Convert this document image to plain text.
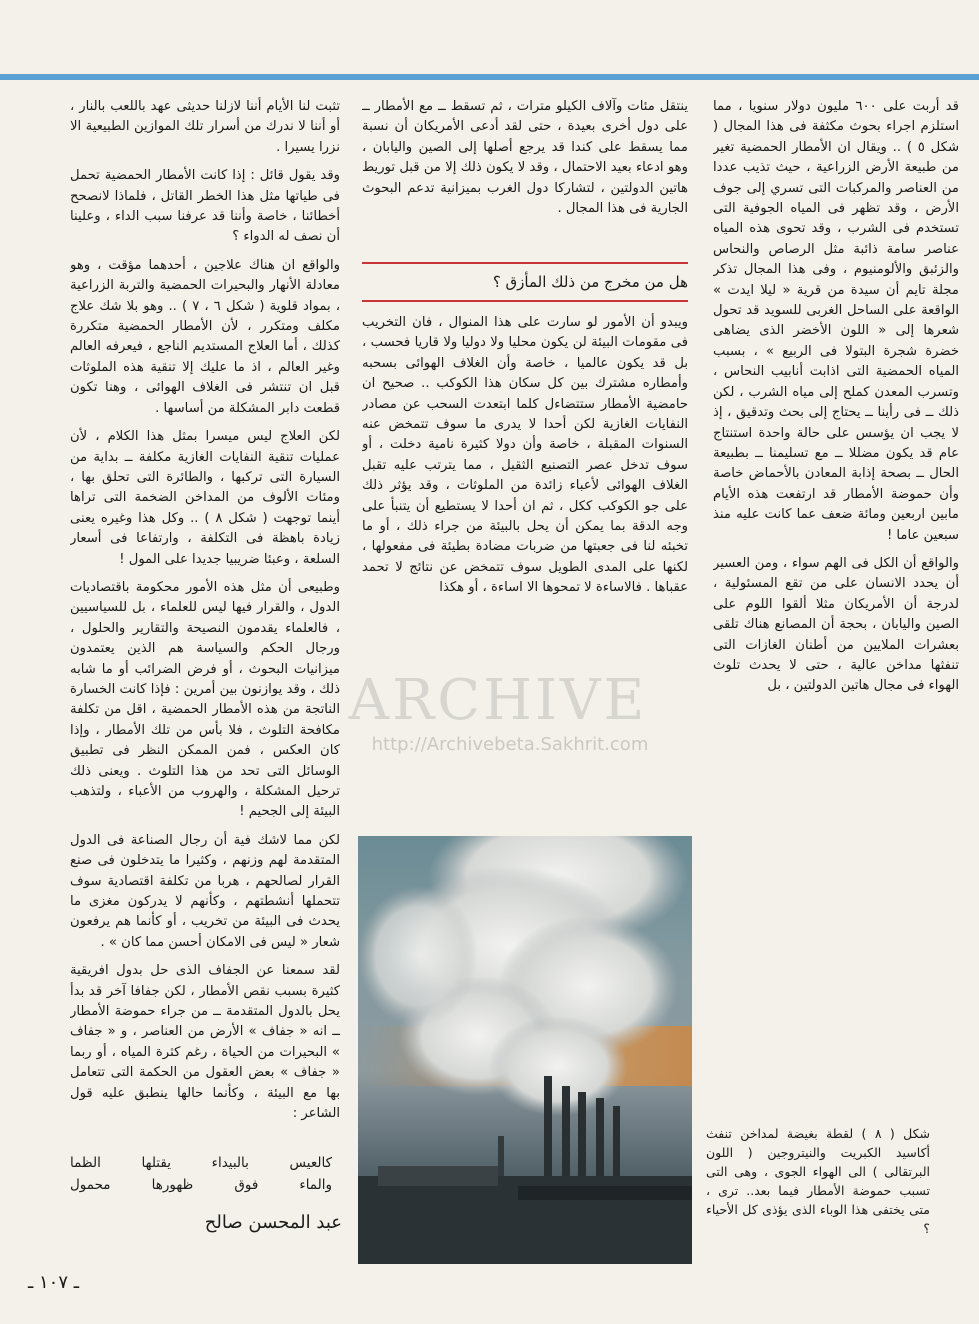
قد أربت على ٦٠٠ مليون دولار سنويا ، مما استلزم اجراء بحوث مكثفة فى هذا المجال ( شكل ٥ ) .. ويقال ان الأمطار الحمضية تغير من طبيعة الأرض الزراعية ، حيث تذيب عددا من العناصر والمركبات التى تسري إلى جوف الأرض ، وقد تظهر فى المياه الجوفية التى تستخدم فى الشرب ، وقد تحوى هذه المياه عناصر سامة ذائبة مثل الرصاص والنحاس والزئبق والألومنيوم ، وفى هذا المجال تذكر مجلة تايم أن سيدة من قرية « ليلا ايدت » الواقعة على الساحل الغربى للسويد قد تحول شعرها إلى « اللون الأخضر الذى يضاهى خضرة شجرة البتولا فى الربيع » ، بسبب المياه الحمضية التى اذابت أنابيب النحاس ، وتسرب المعدن كملح إلى مياه الشرب ، لكن ذلك ــ فى رأينا ــ يحتاج إلى بحث وتدقيق ، إذ لا يجب ان يؤسس على حالة واحدة استنتاج عام قد يكون مضللا ــ مع تسليمنا ــ بطبيعة الحال ــ بصحة إذابة المعادن بالأحماض خاصة وأن حموضة الأمطار قد ارتفعت هذه الأيام مابين اربعين ومائة ضعف عما كانت عليه منذ سبعين عاما !

والواقع أن الكل فى الهم سواء ، ومن العسير أن يحدد الانسان على من تقع المسئولية ، لدرجة أن الأمريكان مثلا ألقوا اللوم على الصين واليابان ، بحجة أن المصانع هناك تلقى بعشرات الملايين من أطنان الغازات التى تنفثها مداخن عالية ، حتى لا يحدث تلوث الهواء فى مجال هاتين الدولتين ، بل

ينتقل مئات وآلاف الكيلو مترات ، ثم تسقط ــ مع الأمطار ــ على دول أخرى بعيدة ، حتى لقد أدعى الأمريكان أن نسبة مما يسقط على كندا قد يرجع أصلها إلى الصين واليابان ، وهو ادعاء بعيد الاحتمال ، وقد لا يكون ذلك إلا من قبل توريط هاتين الدولتين ، لتشاركا دول الغرب بميزانية تدعم البحوث الجارية فى هذا المجال .

هل من مخرج من ذلك المأزق ؟

ويبدو أن الأمور لو سارت على هذا المنوال ، فان التخريب فى مقومات البيئة لن يكون محليا ولا دوليا ولا قاريا فحسب ، بل قد يكون عالميا ، خاصة وأن الغلاف الهوائى بسحبه وأمطاره مشترك بين كل سكان هذا الكوكب .. صحيح ان حامضية الأمطار ستتضاءل كلما ابتعدت السحب عن مصادر النفايات الغازية لكن أحدا لا يدرى ما سوف تتمخض عنه السنوات المقبلة ، خاصة وأن دولا كثيرة نامية دخلت ، أو سوف تدخل عصر التصنيع الثقيل ، مما يترتب عليه تقبل الغلاف الهوائى لأعباء زائدة من الملوثات ، وقد يؤثر ذلك على جو الكوكب ككل ، ثم ان أحدا لا يستطيع أن يتنبأ على وجه الدقة بما يمكن أن يحل بالبيئة من جراء ذلك ، أو ما تخبئه لنا فى جعبتها من ضربات مضادة بطيئة فى مفعولها ، لكنها على المدى الطويل سوف تتمخض عن نتائج لا تحمد عقباها . فالاساءة لا تمحوها الا اساءة ، أو هكذا

تثبت لنا الأيام أننا لازلنا حديثى عهد باللعب بالنار ، أو أننا لا ندرك من أسرار تلك الموازين الطبيعية الا نزرا يسيرا .

وقد يقول قائل : إذا كانت الأمطار الحمضية تحمل فى طياتها مثل هذا الخطر القاتل ، فلماذا لانصحح أخطائنا ، خاصة وأننا قد عرفنا سبب الداء ، وعلينا أن نصف له الدواء ؟

والواقع ان هناك علاجين ، أحدهما مؤقت ، وهو معادلة الأنهار والبحيرات الحمضية والتربة الزراعية ، بمواد قلوية ( شكل ٦ ، ٧ ) .. وهو بلا شك علاج مكلف ومتكرر ، لأن الأمطار الحمضية متكررة كذلك ، أما العلاج المستديم الناجع ، فيعرفه العالم وغير العالم ، اذ ما عليك إلا تنقية هذه الملوثات قبل ان تنتشر فى الغلاف الهوائى ، وهنا تكون قطعت دابر المشكلة من أساسها .

لكن العلاج ليس ميسرا بمثل هذا الكلام ، لأن عمليات تنقية النفايات الغازية مكلفة ــ بداية من السيارة التى تركبها ، والطائرة التى تحلق بها ، ومئات الألوف من المداخن الضخمة التى تراها أينما توجهت ( شكل ٨ ) .. وكل هذا وغيره يعنى زيادة باهظة فى التكلفة ، وارتفاعا فى أسعار السلعة ، وعبئا ضريبيا جديدا على المول !

وطبيعى أن مثل هذه الأمور محكومة باقتصاديات الدول ، والقرار فيها ليس للعلماء ، بل للسياسيين ، فالعلماء يقدمون النصيحة والتقارير والحلول ، ورجال الحكم والسياسة هم الذين يعتمدون ميزانيات البحوث ، أو فرض الضرائب أو ما شابه ذلك ، وقد يوازنون بين أمرين : فإذا كانت الخسارة الناتجة من هذه الأمطار الحمضية ، اقل من تكلفة مكافحة التلوث ، فلا بأس من تلك الأمطار ، وإذا كان العكس ، فمن الممكن النظر فى تطبيق الوسائل التى تحد من هذا التلوث . ويعنى ذلك ترحيل المشكلة ، والهروب من الأعباء ، ولتذهب البيئة إلى الجحيم !

لكن مما لاشك فية أن رجال الصناعة فى الدول المتقدمة لهم وزنهم ، وكثيرا ما يتدخلون فى صنع القرار لصالحهم ، هربا من تكلفة اقتصادية سوف تتحملها أنشطتهم ، وكأنهم لا يدركون مغزى ما يحدث فى البيئة من تخريب ، أو كأنما هم يرفعون شعار « ليس فى الامكان أحسن مما كان » .

لقد سمعنا عن الجفاف الذى حل بدول افريقية كثيرة بسبب نقص الأمطار ، لكن جفافا آخر قد بدأ يحل بالدول المتقدمة ــ من جراء حموضة الأمطار ــ انه « جفاف » الأرض من العناصر ، و « جفاف » البحيرات من الحياة ، رغم كثرة المياه ، أو ربما « جفاف » بعض العقول من الحكمة التى تتعامل بها مع البيئة ، وكأنما حالها ينطبق عليه قول الشاعر :

ARCHIVE
http://Archivebeta.Sakhrit.com
شكل ( ٨ ) لقطة بغيضة لمداخن تنفث أكاسيد الكبريت والنيتروجين ( اللون البرتقالى ) الى الهواء الجوى ، وهى التى تسبب حموضة الأمطار فيما بعد.. ترى ، متى يختفى هذا الوباء الذى يؤذى كل الأحياء ؟
كالعيس
بالبيداء
يقتلها
الظما
والماء
فوق
ظهورها
محمول
عبد المحسن صالح
ـ ١٠٧ ـ
